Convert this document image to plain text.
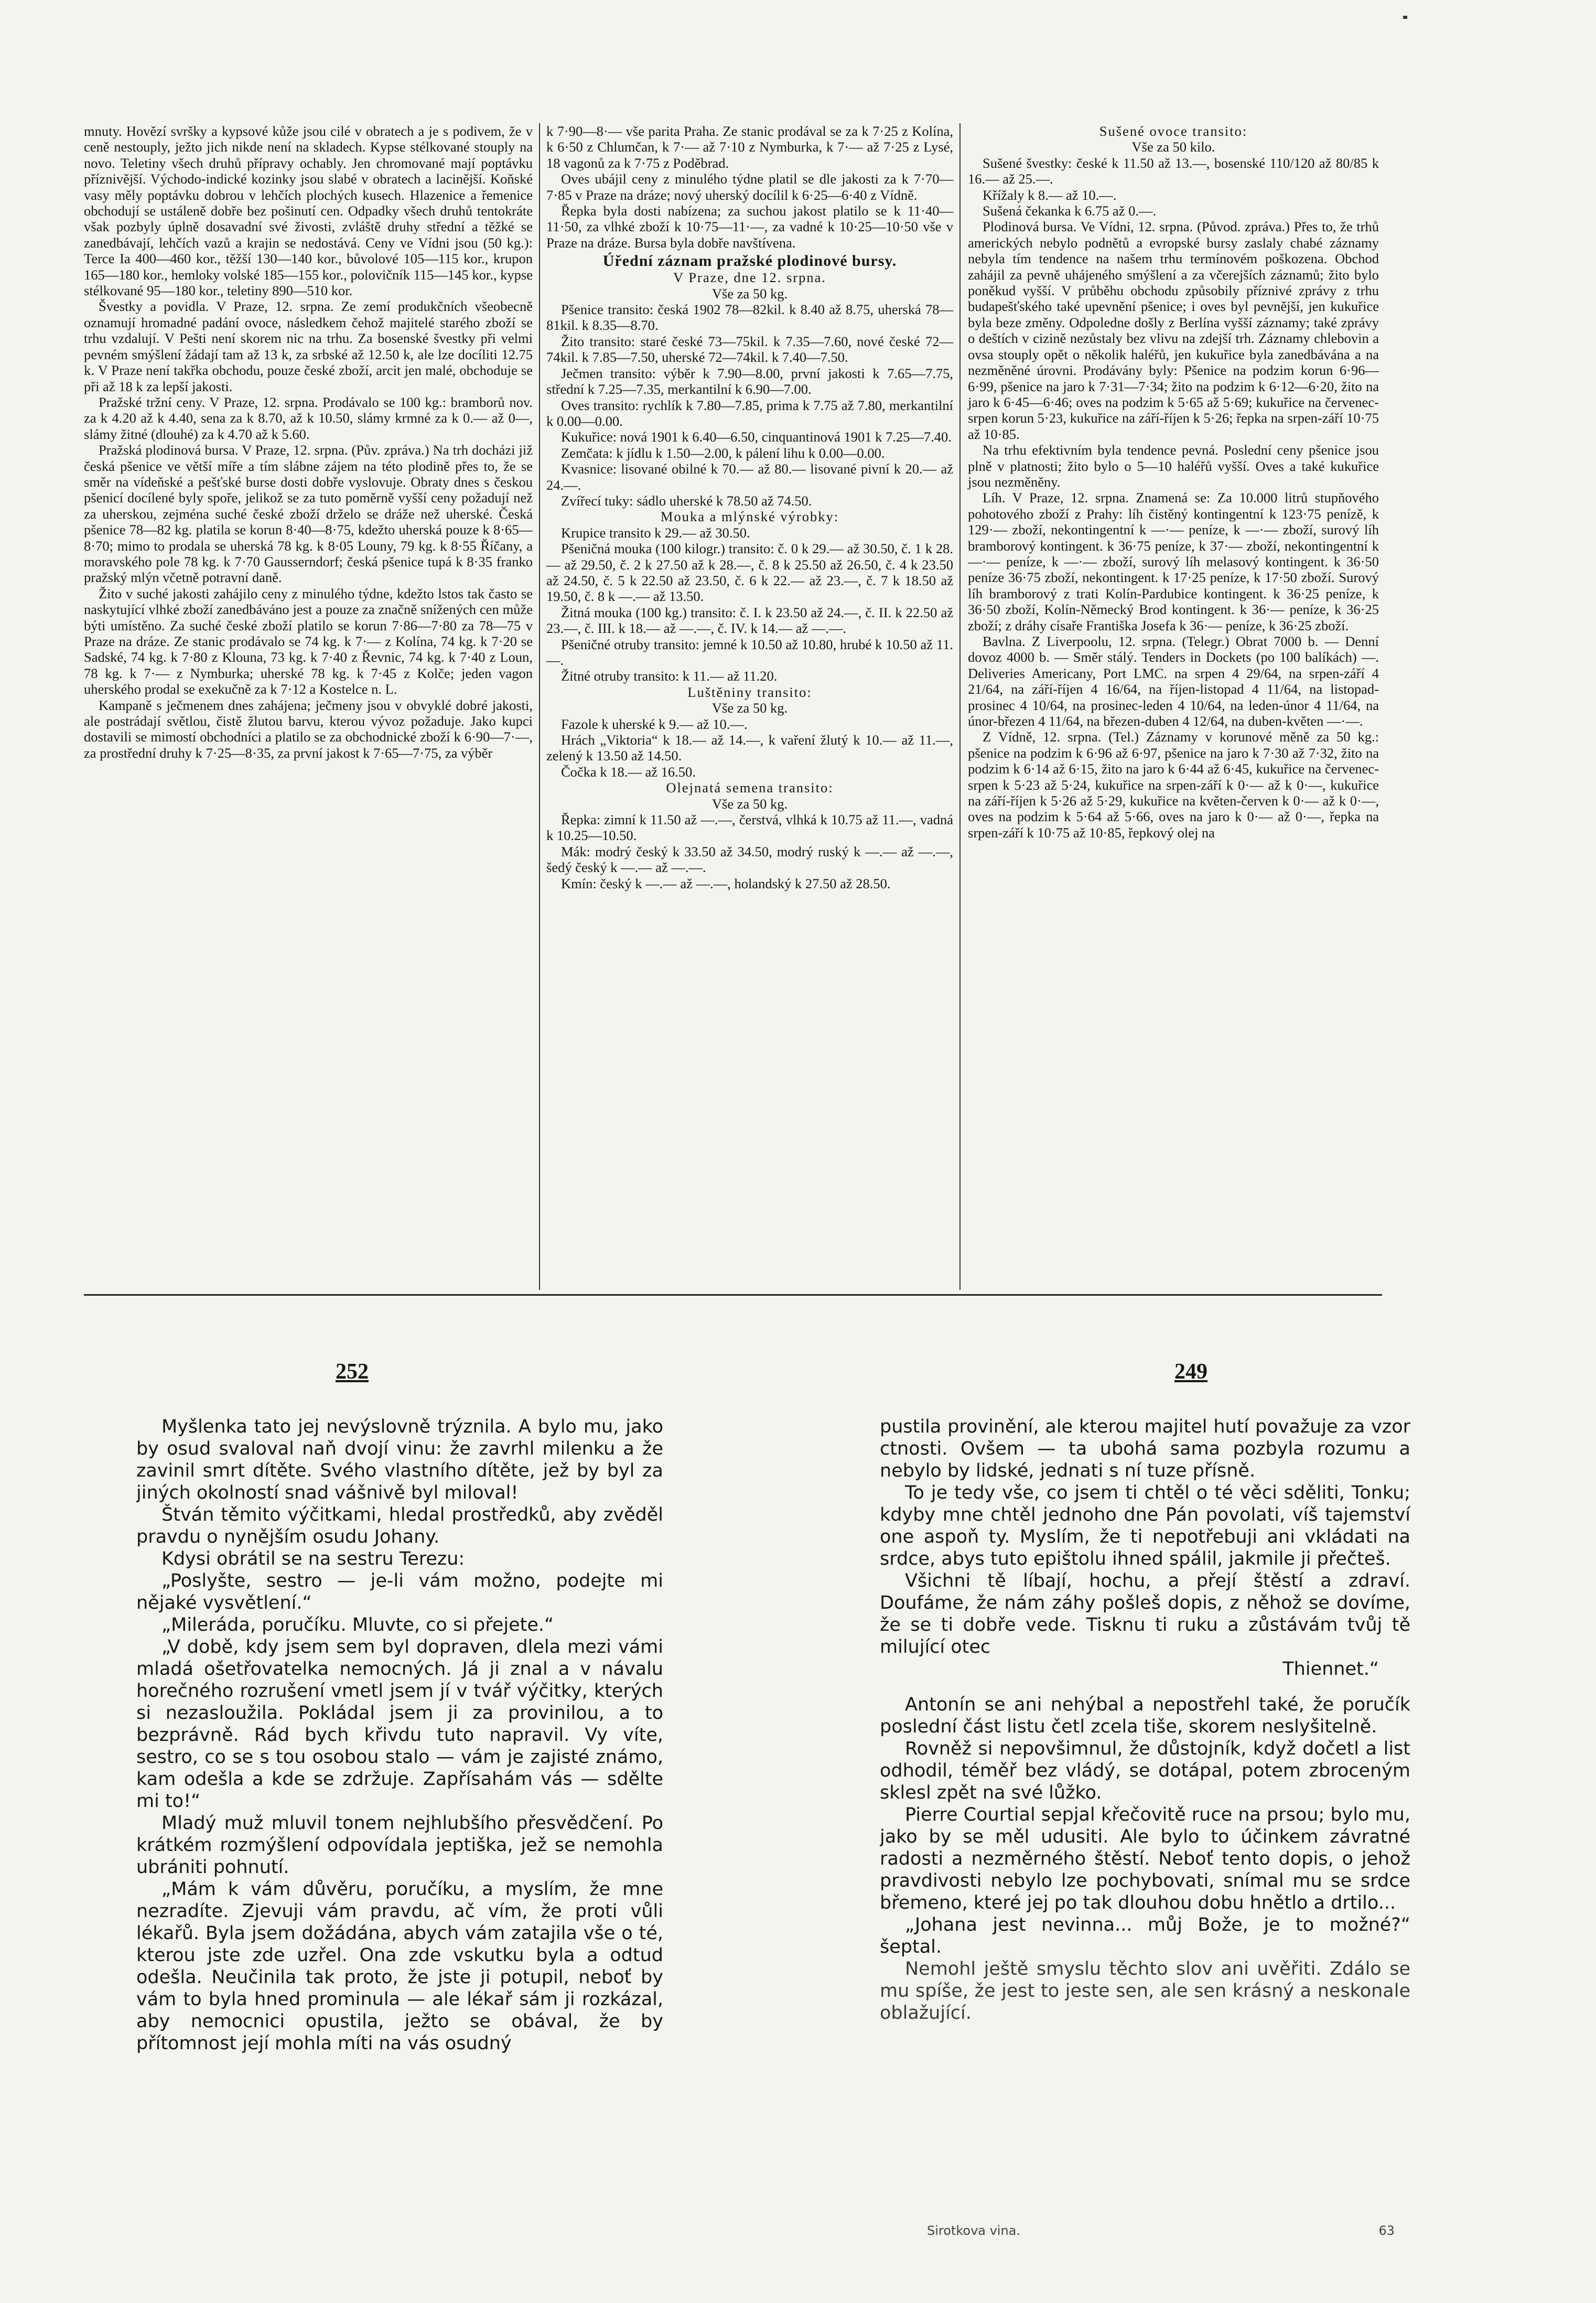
mnuty. Hovězí svršky a kypsové kůže jsou cilé v obratech a je s podivem, že v ceně nestouply, ježto jich nikde není na skladech. Kypse stélkované stouply na novo. Teletiny všech druhů přípravy ochably. Jen chromované mají poptávku příznivější. Východo-indické kozinky jsou slabé v obratech a lacinější. Koňské vasy měly poptávku dobrou v lehčích plochých kusech. Hlazenice a řemenice obchodují se ustáleně dobře bez pošinutí cen. Odpadky všech druhů tentokráte však pozbyly úplně dosavadní své živosti, zvláště druhy střední a těžké se zanedbávají, lehčích vazů a krajin se nedostává. Ceny ve Vídni jsou (50 kg.): Terce Ia 400—460 kor., těžší 130—140 kor., bůvolové 105—115 kor., krupon 165—180 kor., hemloky volské 185—155 kor., polovičník 115—145 kor., kypse stélkované 95—180 kor., teletiny 890—510 kor.

Švestky a povidla. V Praze, 12. srpna. Ze zemí produkčních všeobecně oznamují hromadné padání ovoce, následkem čehož majitelé starého zboží se trhu vzdalují. V Pešti není skorem nic na trhu. Za bosenské švestky při velmi pevném smýšlení žádají tam až 13 k, za srbské až 12.50 k, ale lze docíliti 12.75 k. V Praze není takřka obchodu, pouze české zboží, arcit jen malé, obchoduje se při až 18 k za lepší jakosti.

Pražské tržní ceny. V Praze, 12. srpna. Prodávalo se 100 kg.: bramborů nov. za k 4.20 až k 4.40, sena za k 8.70, až k 10.50, slámy krmné za k 0.— až 0—, slámy žitné (dlouhé) za k 4.70 až k 5.60.

Pražská plodinová bursa. V Praze, 12. srpna. (Pův. zpráva.) Na trh docházi již česká pšenice ve větší míře a tím slábne zájem na této plodině přes to, že se směr na vídeňské a pešťské burse dosti dobře vyslovuje. Obraty dnes s českou pšenicí docílené byly spoře, jelikož se za tuto poměrně vyšší ceny požadují než za uherskou, zejména suché české zboží drželo se dráže než uherské. Česká pšenice 78—82 kg. platila se korun 8·40—8·75, kdežto uherská pouze k 8·65—8·70; mimo to prodala se uherská 78 kg. k 8·05 Louny, 79 kg. k 8·55 Říčany, a moravského pole 78 kg. k 7·70 Gausserndorf; česká pšenice tupá k 8·35 franko pražský mlýn včetně potravní daně.

Žito v suché jakosti zahájilo ceny z minulého týdne, kdežto lstos tak často se naskytující vlhké zboží zanedbáváno jest a pouze za značně snížených cen může býti umístěno. Za suché české zboží platilo se korun 7·86—7·80 za 78—75 v Praze na dráze. Ze stanic prodávalo se 74 kg. k 7·— z Kolína, 74 kg. k 7·20 se Sadské, 74 kg. k 7·80 z Klouna, 73 kg. k 7·40 z Řevnic, 74 kg. k 7·40 z Loun, 78 kg. k 7·— z Nymburka; uherské 78 kg. k 7·45 z Kolče; jeden vagon uherského prodal se exekučně za k 7·12 a Kostelce n. L.

Kampaně s ječmenem dnes zahájena; ječmeny jsou v obvyklé dobré jakosti, ale postrádají světlou, čistě žlutou barvu, kterou vývoz požaduje. Jako kupci dostavili se mimostí obchodníci a platilo se za obchodnické zboží k 6·90—7·—, za prostřední druhy k 7·25—8·35, za první jakost k 7·65—7·75, za výběr

k 7·90—8·— vše parita Praha. Ze stanic prodával se za k 7·25 z Kolína, k 6·50 z Chlumčan, k 7·— až 7·10 z Nymburka, k 7·— až 7·25 z Lysé, 18 vagonů za k 7·75 z Poděbrad.

Oves ubájil ceny z minulého týdne platil se dle jakosti za k 7·70—7·85 v Praze na dráze; nový uherský docílil k 6·25—6·40 z Vídně.

Řepka byla dosti nabízena; za suchou jakost platilo se k 11·40—11·50, za vlhké zboží k 10·75—11·—, za vadné k 10·25—10·50 vše v Praze na dráze. Bursa byla dobře navštívena.

Úřední záznam pražské plodinové bursy.

V Praze, dne 12. srpna.

Vše za 50 kg.

Pšenice transito: česká 1902 78—82kil. k 8.40 až 8.75, uherská 78—81kil. k 8.35—8.70.

Žito transito: staré české 73—75kil. k 7.35—7.60, nové české 72—74kil. k 7.85—7.50, uherské 72—74kil. k 7.40—7.50.

Ječmen transito: výběr k 7.90—8.00, první jakosti k 7.65—7.75, střední k 7.25—7.35, merkantilní k 6.90—7.00.

Oves transito: rychlík k 7.80—7.85, prima k 7.75 až 7.80, merkantilní k 0.00—0.00.

Kukuřice: nová 1901 k 6.40—6.50, cinquantinová 1901 k 7.25—7.40.

Zemčata: k jídlu k 1.50—2.00, k pálení lihu k 0.00—0.00.

Kvasnice: lisované obilné k 70.— až 80.— lisované pivní k 20.— až 24.—.

Zvířecí tuky: sádlo uherské k 78.50 až 74.50.

Mouka a mlýnské výrobky:

Krupice transito k 29.— až 30.50.

Pšeničná mouka (100 kilogr.) transito: č. 0 k 29.— až 30.50, č. 1 k 28.— až 29.50, č. 2 k 27.50 až k 28.—, č. 8 k 25.50 až 26.50, č. 4 k 23.50 až 24.50, č. 5 k 22.50 až 23.50, č. 6 k 22.— až 23.—, č. 7 k 18.50 až 19.50, č. 8 k —.— až 13.50.

Žitná mouka (100 kg.) transito: č. I. k 23.50 až 24.—, č. II. k 22.50 až 23.—, č. III. k 18.— až —.—, č. IV. k 14.— až —.—.

Pšeničné otruby transito: jemné k 10.50 až 10.80, hrubé k 10.50 až 11.—.

Žitné otruby transito: k 11.— až 11.20.

Luštěniny transito:

Vše za 50 kg.

Fazole k uherské k 9.— až 10.—.

Hrách „Viktoria“ k 18.— až 14.—, k vaření žlutý k 10.— až 11.—, zelený k 13.50 až 14.50.

Čočka k 18.— až 16.50.

Olejnatá semena transito:

Vše za 50 kg.

Řepka: zimní k 11.50 až —.—, čerstvá, vlhká k 10.75 až 11.—, vadná k 10.25—10.50.

Mák: modrý český k 33.50 až 34.50, modrý ruský k —.— až —.—, šedý český k —.— až —.—.

Kmín: český k —.— až —.—, holandský k 27.50 až 28.50.

Sušené ovoce transito:

Vše za 50 kilo.

Sušené švestky: české k 11.50 až 13.—, bosenské 110/120 až 80/85 k 16.— až 25.—.

Křížaly k 8.— až 10.—.

Sušená čekanka k 6.75 až 0.—.

Plodinová bursa. Ve Vídni, 12. srpna. (Původ. zpráva.) Přes to, že trhů amerických nebylo podnětů a evropské bursy zaslaly chabé záznamy nebyla tím tendence na našem trhu termínovém poškozena. Obchod zahájil za pevně uhájeného smýšlení a za včerejších záznamů; žito bylo poněkud vyšší. V průběhu obchodu způsobily příznivé zprávy z trhu budapešťského také upevnění pšenice; i oves byl pevnější, jen kukuřice byla beze změny. Odpoledne došly z Berlína vyšší záznamy; také zprávy o deštích v cizině nezůstaly bez vlivu na zdejší trh. Záznamy chlebovin a ovsa stouply opět o několik haléřů, jen kukuřice byla zanedbávána a na nezměněné úrovni. Prodávány byly: Pšenice na podzim korun 6·96—6·99, pšenice na jaro k 7·31—7·34; žito na podzim k 6·12—6·20, žito na jaro k 6·45—6·46; oves na podzim k 5·65 až 5·69; kukuřice na červenec-srpen korun 5·23, kukuřice na září-říjen k 5·26; řepka na srpen-září 10·75 až 10·85.

Na trhu efektivním byla tendence pevná. Poslední ceny pšenice jsou plně v platnosti; žito bylo o 5—10 haléřů vyšší. Oves a také kukuřice jsou nezměněny.

Líh. V Praze, 12. srpna. Znamená se: Za 10.000 litrů stupňového pohotového zboží z Prahy: líh čistěný kontingentní k 123·75 penízě, k 129·— zboží, nekontingentní k —·— peníze, k —·— zboží, surový líh bramborový kontingent. k 36·75 peníze, k 37·— zboží, nekontingentní k —·— peníze, k —·— zboží, surový líh melasový kontingent. k 36·50 peníze 36·75 zboží, nekontingent. k 17·25 peníze, k 17·50 zboží. Surový líh bramborový z trati Kolín-Pardubice kontingent. k 36·25 peníze, k 36·50 zboží, Kolín-Německý Brod kontingent. k 36·— peníze, k 36·25 zboží; z dráhy císaře Františka Josefa k 36·— peníze, k 36·25 zboží.

Bavlna. Z Liverpoolu, 12. srpna. (Telegr.) Obrat 7000 b. — Denní dovoz 4000 b. — Směr stálý. Tenders in Dockets (po 100 balíkách) —. Deliveries Americany, Port LMC. na srpen 4 29/64, na srpen-září 4 21/64, na září-říjen 4 16/64, na říjen-listopad 4 11/64, na listopad-prosinec 4 10/64, na prosinec-leden 4 10/64, na leden-únor 4 11/64, na únor-březen 4 11/64, na březen-duben 4 12/64, na duben-květen —·—.

Z Vídně, 12. srpna. (Tel.) Záznamy v korunové měně za 50 kg.: pšenice na podzim k 6·96 až 6·97, pšenice na jaro k 7·30 až 7·32, žito na podzim k 6·14 až 6·15, žito na jaro k 6·44 až 6·45, kukuřice na červenec-srpen k 5·23 až 5·24, kukuřice na srpen-září k 0·— až k 0·—, kukuřice na září-říjen k 5·26 až 5·29, kukuřice na květen-červen k 0·— až k 0·—, oves na podzim k 5·64 až 5·66, oves na jaro k 0·— až 0·—, řepka na srpen-září k 10·75 až 10·85, řepkový olej na

252	249

Myšlenka tato jej nevýslovně trýznila. A bylo mu, jako by osud svaloval naň dvojí vinu: že zavrhl milenku a že zavinil smrt dítěte. Svého vlastního dítěte, jež by byl za jiných okolností snad vášnivě byl miloval!

Štván těmito výčitkami, hledal prostředků, aby zvěděl pravdu o nynějším osudu Johany.

Kdysi obrátil se na sestru Terezu:

„Poslyšte, sestro — je-li vám možno, podejte mi nějaké vysvětlení.“

„Mileráda, poručíku. Mluvte, co si přejete.“

„V době, kdy jsem sem byl dopraven, dlela mezi vámi mladá ošetřovatelka nemocných. Já ji znal a v návalu horečného rozrušení vmetl jsem jí v tvář výčitky, kterých si nezasloužila. Pokládal jsem ji za provinilou, a to bezprávně. Rád bych křivdu tuto napravil. Vy víte, sestro, co se s tou osobou stalo — vám je zajisté známo, kam odešla a kde se zdržuje. Zapřísahám vás — sdělte mi to!“

Mladý muž mluvil tonem nejhlubšího přesvědčení. Po krátkém rozmýšlení odpovídala jeptiška, jež se nemohla ubrániti pohnutí.

„Mám k vám důvěru, poručíku, a myslím, že mne nezradíte. Zjevuji vám pravdu, ač vím, že proti vůli lékařů. Byla jsem dožádána, abych vám zatajila vše o té, kterou jste zde uzřel. Ona zde vskutku byla a odtud odešla. Neučinila tak proto, že jste ji potupil, neboť by vám to byla hned prominula — ale lékař sám ji rozkázal, aby nemocnici opustila, ježto se obával, že by přítomnost její mohla míti na vás osudný

pustila provinění, ale kterou majitel hutí považuje za vzor ctnosti. Ovšem — ta ubohá sama pozbyla rozumu a nebylo by lidské, jednati s ní tuze přísně.

To je tedy vše, co jsem ti chtěl o té věci sděliti, Tonku; kdyby mne chtěl jednoho dne Pán povolati, víš tajemství one aspoň ty. Myslím, že ti nepotřebuji ani vkládati na srdce, abys tuto epištolu ihned spálil, jakmile ji přečteš.

Všichni tě líbají, hochu, a přejí štěstí a zdraví. Doufáme, že nám záhy pošleš dopis, z něhož se dovíme, že se ti dobře vede. Tisknu ti ruku a zůstávám tvůj tě milující otec

Thiennet.“

Antonín se ani nehýbal a nepostřehl také, že poručík poslední část listu četl zcela tiše, skorem neslyšitelně.

Rovněž si nepovšimnul, že důstojník, když dočetl a list odhodil, téměř bez vládý, se dotápal, potem zbroceným sklesl zpět na své lůžko.

Pierre Courtial sepjal křečovitě ruce na prsou; bylo mu, jako by se měl udusiti. Ale bylo to účinkem závratné radosti a nezměrného štěstí. Neboť tento dopis, o jehož pravdivosti nebylo lze pochybovati, snímal mu se srdce břemeno, které jej po tak dlouhou dobu hnětlo a drtilo...

„Johana jest nevinna... můj Bože, je to možné?“ šeptal.

Nemohl ještě smyslu těchto slov ani uvěřiti. Zdálo se mu spíše, že jest to jeste sen, ale sen krásný a neskonale oblažující.

Sirotkova vina.	63
